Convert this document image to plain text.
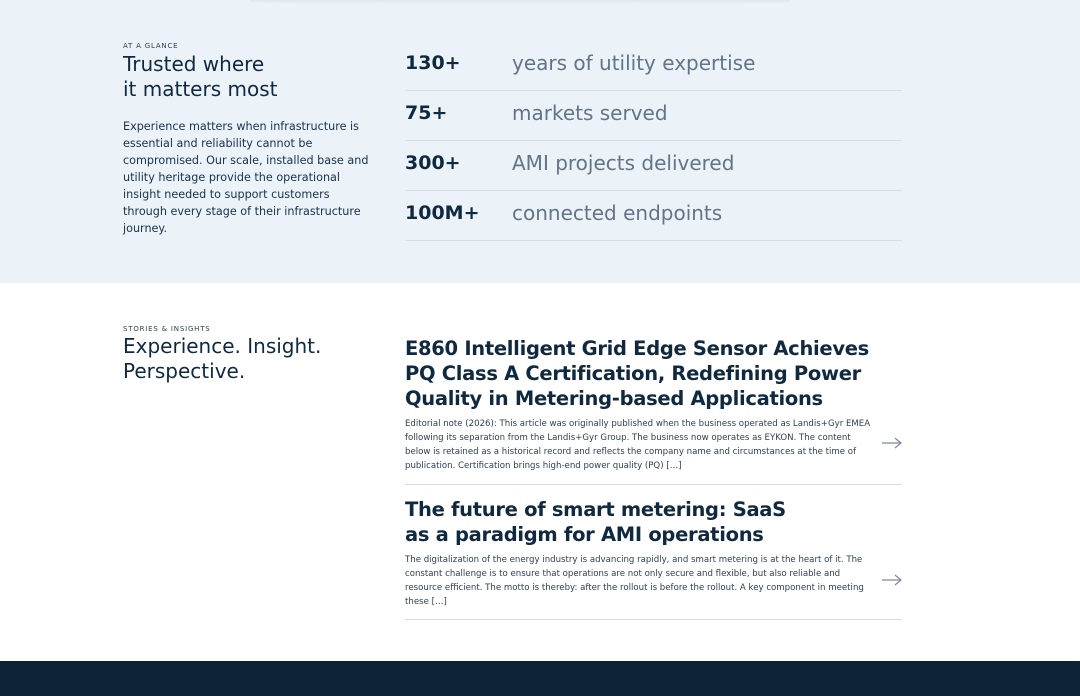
AT A GLANCE
Trusted where
it matters most

Experience matters when infrastructure is essential and reliability cannot be compromised. Our scale, installed base and utility heritage provide the operational insight needed to support customers through every stage of their infrastructure journey.

130+	years of utility expertise
75+	markets served
300+	AMI projects delivered
100M+ connected endpoints
STORIES & INSIGHTS
Experience. Insight.
Perspective.
E860 Intelligent Grid Edge Sensor Achieves
PQ Class A Certification, Redefining Power
Quality in Metering-based Applications
Editorial note (2026): This article was originally published when the business operated as Landis+Gyr EMEA following its separation from the Landis+Gyr Group. The business now operates as EYKON. The content below is retained as a historical record and reflects the company name and circumstances at the time of publication. Certification brings high-end power quality (PQ) […]
The future of smart metering: SaaS
as a paradigm for AMI operations
The digitalization of the energy industry is advancing rapidly, and smart metering is at the heart of it. The constant challenge is to ensure that operations are not only secure and flexible, but also reliable and resource efficient. The motto is thereby: after the rollout is before the rollout. A key component in meeting these […]
